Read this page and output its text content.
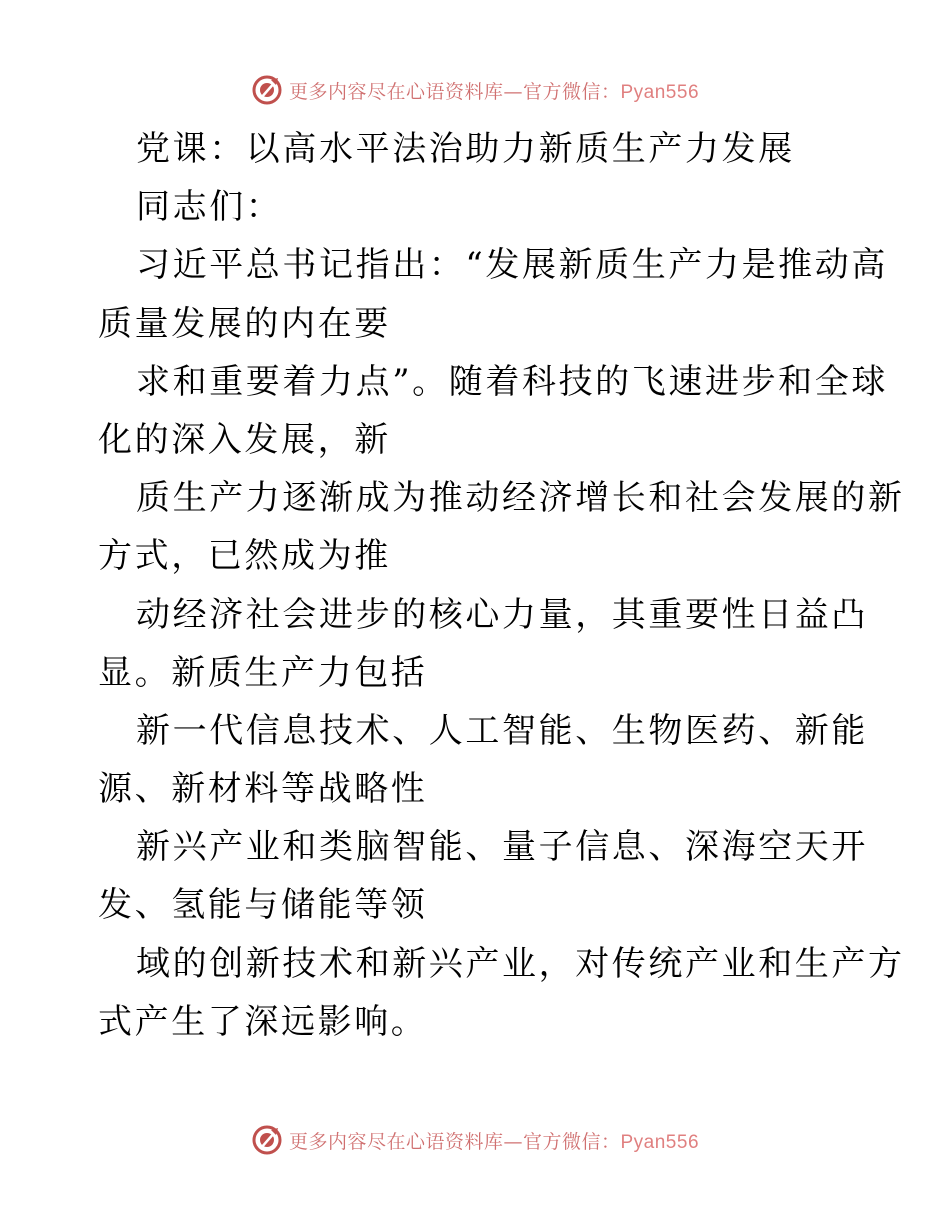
更多内容尽在心语资料库—官方微信：Pyan556
党课：以高水平法治助力新质生产力发展
同志们：
习近平总书记指出：“发展新质生产力是推动高
质量发展的内在要
求和重要着力点”。随着科技的飞速进步和全球
化的深入发展，新
质生产力逐渐成为推动经济增长和社会发展的新
方式，已然成为推
动经济社会进步的核心力量，其重要性日益凸
显。新质生产力包括
新一代信息技术、人工智能、生物医药、新能
源、新材料等战略性
新兴产业和类脑智能、量子信息、深海空天开
发、氢能与储能等领
域的创新技术和新兴产业，对传统产业和生产方
式产生了深远影响。
更多内容尽在心语资料库—官方微信：Pyan556
